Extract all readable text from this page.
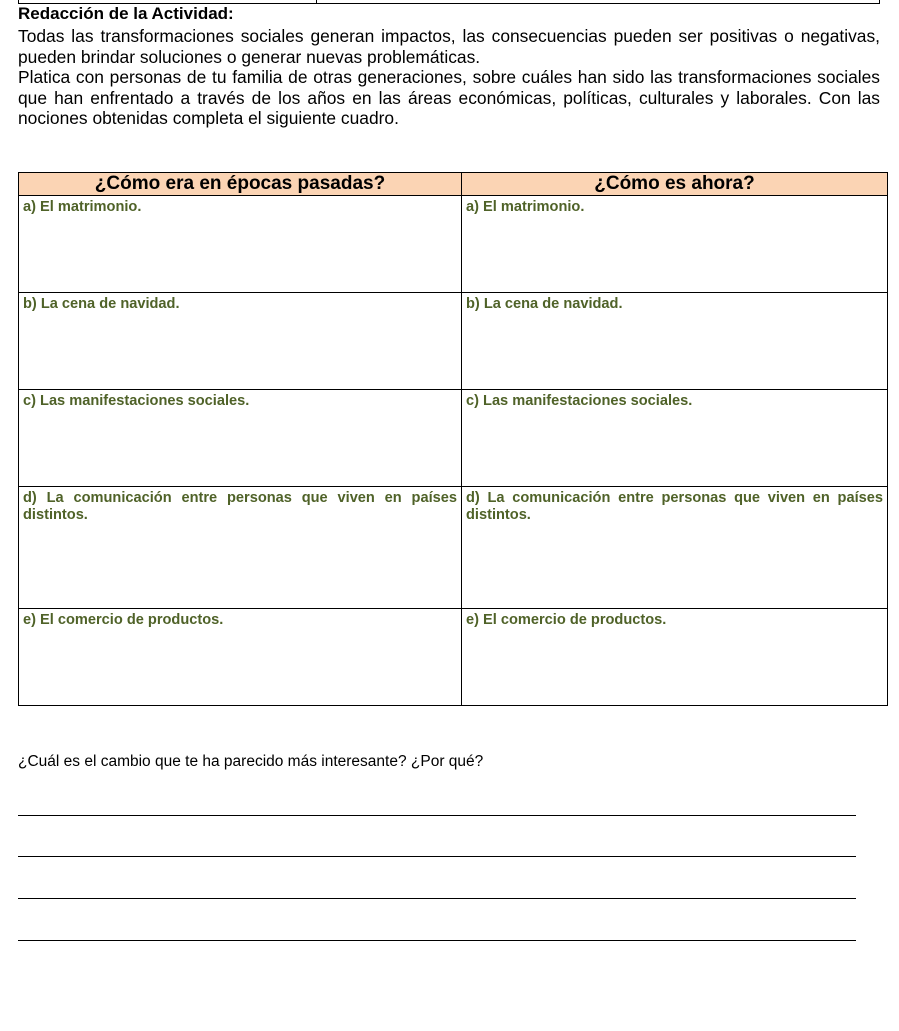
Redacción de la Actividad:

Todas las transformaciones sociales generan impactos, las consecuencias pueden ser positivas o negativas, pueden brindar soluciones o generar nuevas problemáticas.

Platica con personas de tu familia de otras generaciones, sobre cuáles han sido las transformaciones sociales que han enfrentado a través de los años en las áreas económicas, políticas, culturales y laborales. Con las nociones obtenidas completa el siguiente cuadro.

¿Cómo era en épocas pasadas?	¿Cómo es ahora?
a) El matrimonio.	a) El matrimonio.
b) La cena de navidad.	b) La cena de navidad.
c) Las manifestaciones sociales.	c) Las manifestaciones sociales.
d) La comunicación entre personas que viven en países distintos.	d) La comunicación entre personas que viven en países distintos.
e) El comercio de productos.	e) El comercio de productos.

¿Cuál es el cambio que te ha parecido más interesante? ¿Por qué?
